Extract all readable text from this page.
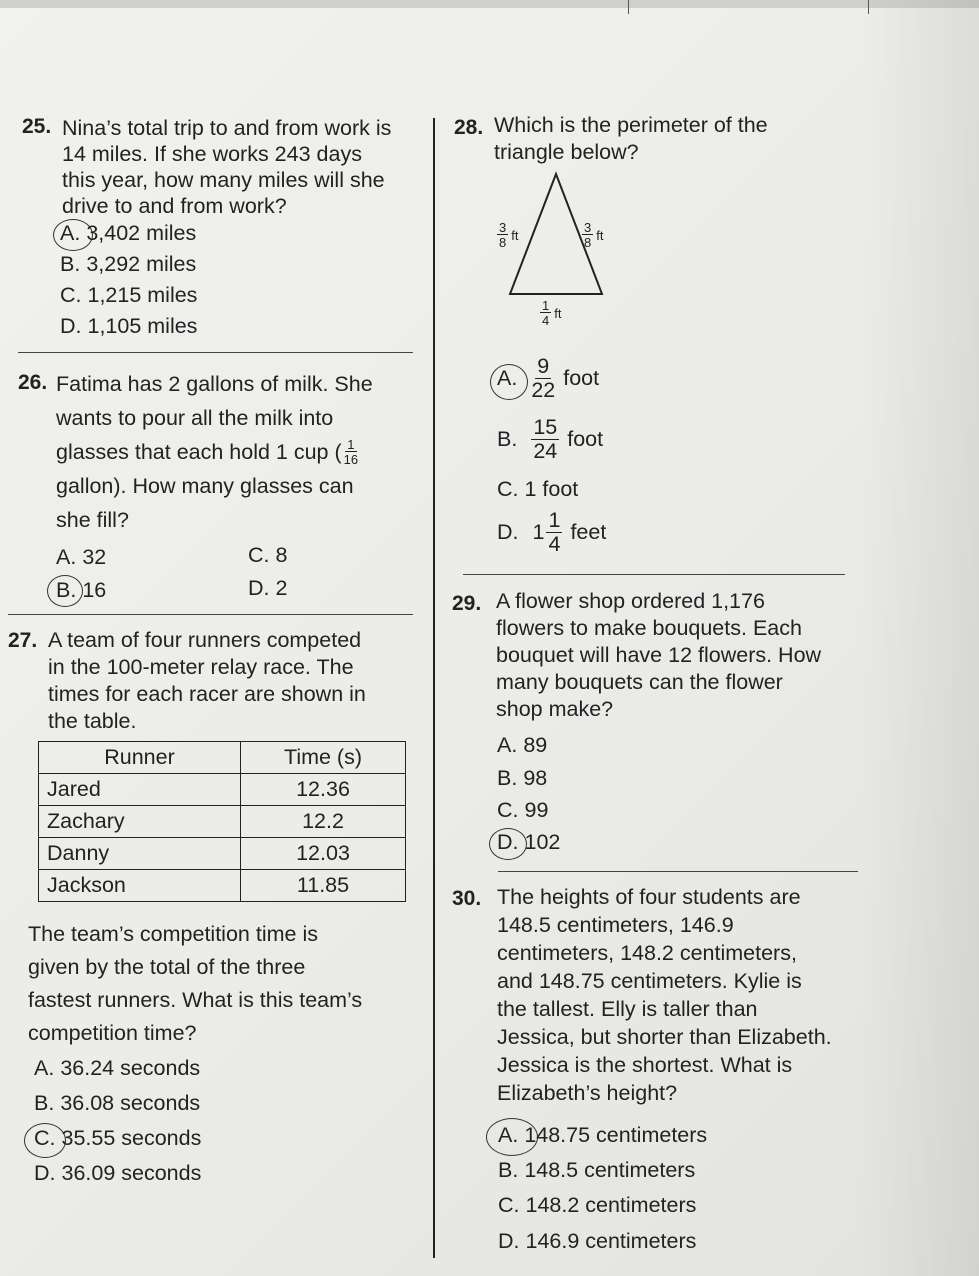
25. Nina’s total trip to and from work is
14 miles. If she works 243 days
this year, how many miles will she
drive to and from work?
A. 3,402 miles
B. 3,292 miles
C. 1,215 miles
D. 1,105 miles
26. Fatima has 2 gallons of milk. She
wants to pour all the milk into
glasses that each hold 1 cup ( $\frac{1}{16}$
gallon). How many glasses can
she fill?
A. 32
B. 16
C. 8
D. 2
27. A team of four runners competed
in the 100-meter relay race. The
times for each racer are shown in
the table.
Runner	Time (s)
Jared	12.36
Zachary	12.2
Danny	12.03
Jackson	11.85
The team’s competition time is
given by the total of the three
fastest runners. What is this team’s
competition time?
A. 36.24 seconds
B. 36.08 seconds
C. 35.55 seconds
D. 36.09 seconds
28. Which is the perimeter of the
triangle below?
$\frac{3}{8}$ ft	$\frac{3}{8}$ ft
$\frac{1}{4}$ ft
A. $\frac{9}{22}$ foot
B. $\frac{15}{24}$ foot
C. 1 foot
D. $1 \frac{1}{4}$ feet
29. A flower shop ordered 1,176
flowers to make bouquets. Each
bouquet will have 12 flowers. How
many bouquets can the flower
shop make?
A. 89
B. 98
C. 99
D. 102
30. The heights of four students are
148.5 centimeters, 146.9
centimeters, 148.2 centimeters,
and 148.75 centimeters. Kylie is
the tallest. Elly is taller than
Jessica, but shorter than Elizabeth.
Jessica is the shortest. What is
Elizabeth’s height?
A. 148.75 centimeters
B. 148.5 centimeters
C. 148.2 centimeters
D. 146.9 centimeters
